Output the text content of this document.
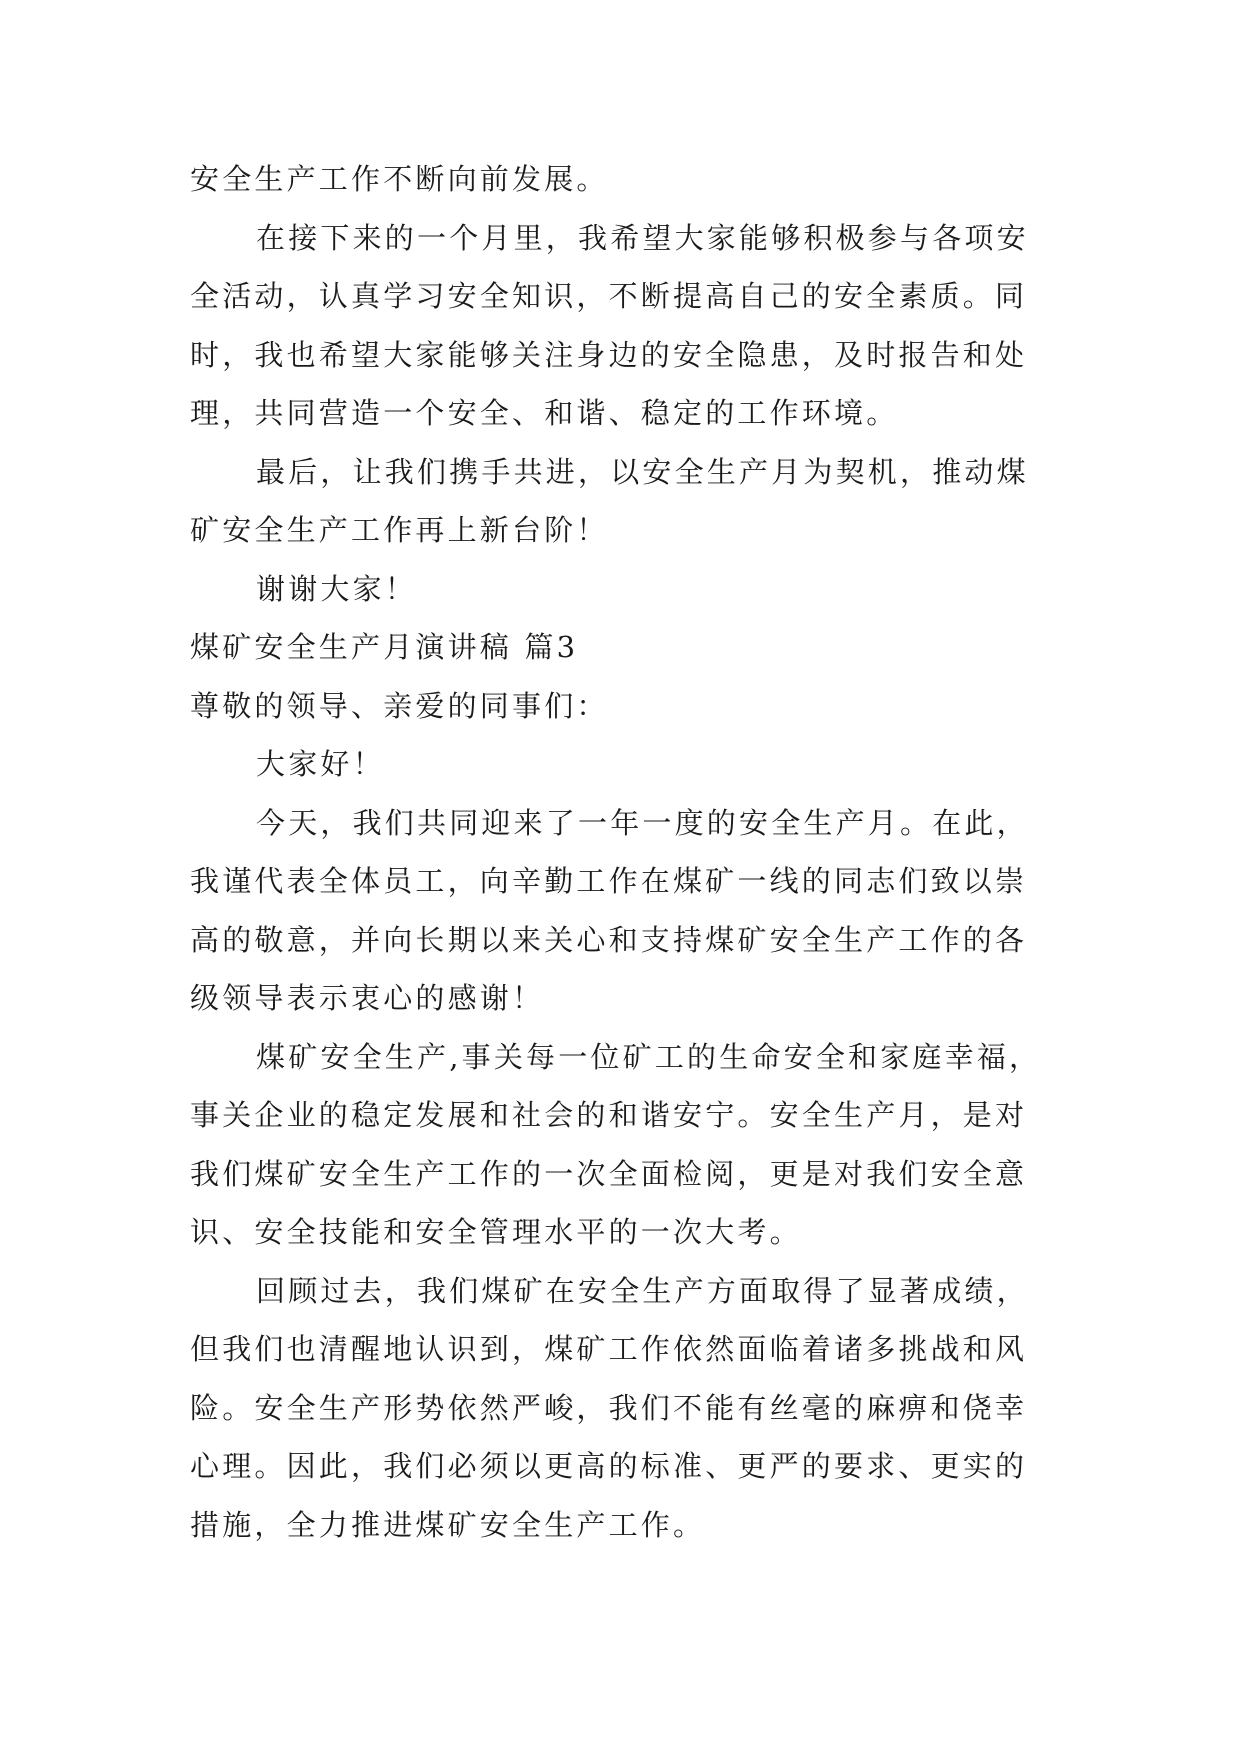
安全生产工作不断向前发展。
在接下来的一个月里，我希望大家能够积极参与各项安
全活动，认真学习安全知识，不断提高自己的安全素质。同
时，我也希望大家能够关注身边的安全隐患，及时报告和处
理，共同营造一个安全、和谐、稳定的工作环境。
最后，让我们携手共进，以安全生产月为契机，推动煤
矿安全生产工作再上新台阶！
谢谢大家！
煤矿安全生产月演讲稿 篇3
尊敬的领导、亲爱的同事们：
大家好！
今天，我们共同迎来了一年一度的安全生产月。在此，
我谨代表全体员工，向辛勤工作在煤矿一线的同志们致以崇
高的敬意，并向长期以来关心和支持煤矿安全生产工作的各
级领导表示衷心的感谢！
煤矿安全生产,事关每一位矿工的生命安全和家庭幸福，
事关企业的稳定发展和社会的和谐安宁。安全生产月，是对
我们煤矿安全生产工作的一次全面检阅，更是对我们安全意
识、安全技能和安全管理水平的一次大考。
回顾过去，我们煤矿在安全生产方面取得了显著成绩，
但我们也清醒地认识到，煤矿工作依然面临着诸多挑战和风
险。安全生产形势依然严峻，我们不能有丝毫的麻痹和侥幸
心理。因此，我们必须以更高的标准、更严的要求、更实的
措施，全力推进煤矿安全生产工作。
